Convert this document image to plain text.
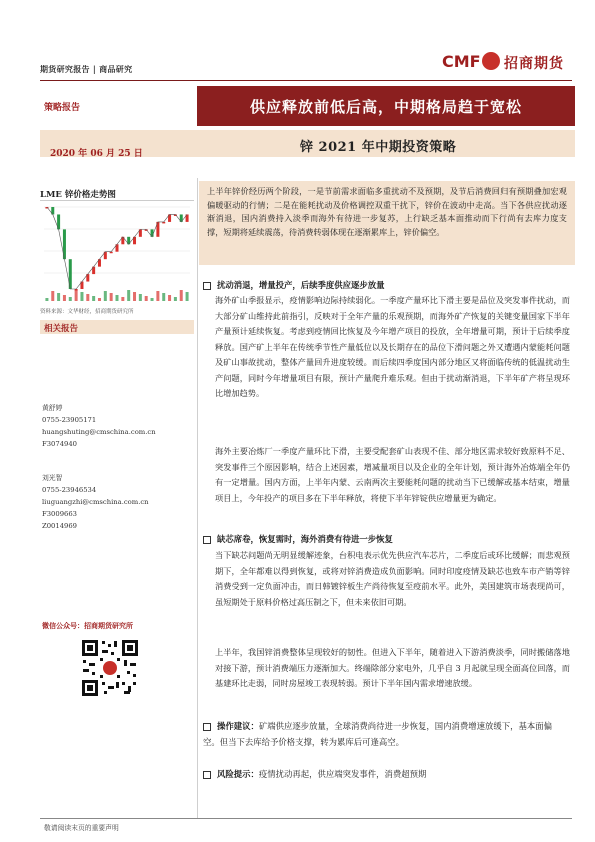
期货研究报告 | 商品研究	CMF 招商期货
策略报告	供应释放前低后高，中期格局趋于宽松
2020 年 06 月 25 日	锌 2021 年中期投资策略
LME 锌价格走势图
资料来源：文华财经，招商期货研究所
相关报告
黄舒婷
0755-23905171
huangshuting@cmschina.com.cn
F3074940
刘光智
0755-23946534
liuguangzhi@cmschina.com.cn
F3009663
Z0014969
微信公众号：招商期货研究所

上半年锌价经历两个阶段，一是节前需求面临多重扰动不及预期，及节后消费回归有预期叠加宏观偏暖驱动的行情；二是在能耗扰动及价格调控双重干扰下，锌价在波动中走高。当下各供应扰动逐渐消退，国内消费持入淡季而海外有待进一步复苏，上行缺乏基本面推动而下行尚有去库力度支撑，短期将延续震荡，待消费转弱体现在逐渐累库上，锌价偏空。

扰动消退，增量投产，后续季度供应逐步放量
海外矿山季报显示，疫情影响边际持续弱化。一季度产量环比下滑主要是品位及突发事件扰动，而大部分矿山维持此前指引，反映对于全年产量的乐观预期，而海外矿产恢复的关键变量国家下半年产量预计延续恢复。考虑到疫情回比恢复及今年增产项目的投放，全年增量可期，预计于后续季度释放。国产矿上半年在传统季节性产量低位以及长期存在的品位下滑问题之外又遭遇内蒙能耗问题及矿山事故扰动，整体产量回升进度较缓。而后续四季度国内部分地区又将面临传统的低温扰动生产问题，同时今年增量项目有限，预计产量爬升难乐观。但由于扰动渐消退，下半年矿产将呈现环比增加趋势。
海外主要冶炼厂一季度产量环比下滑，主要受配套矿山表现不佳、部分地区需求较好致原料不足、突发事件三个原因影响，结合上述因素，增减量项目以及企业的全年计划，预计海外冶炼端全年仍有一定增量。国内方面，上半年内蒙、云南两次主要能耗问题的扰动当下已缓解或基本结束，增量项目上，今年投产的项目多在下半年释放，将使下半年锌锭供应增量更为确定。
缺芯席卷，恢复需时，海外消费有待进一步恢复
当下缺芯问题尚无明显缓解迹象，台积电表示优先供应汽车芯片，二季度后或环比缓解；而悲观预期下，全年都难以得到恢复，或将对锌消费造成负面影响。同时印度疫情及缺芯也致车市产销等锌消费受到一定负面冲击，而日韩镀锌板生产尚待恢复至疫前水平。此外，美国建筑市场表现尚可，虽短期处于原料价格过高压制之下，但未来依旧可期。
上半年，我国锌消费整体呈现较好的韧性。但进入下半年，随着进入下游消费淡季，同时搬储落地对接下游，预计消费端压力逐渐加大。终端除部分家电外，几乎自 3 月起就呈现全面高位回落，而基建环比走弱，同时房屋竣工表现转弱。预计下半年国内需求增速放缓。
操作建议：矿端供应逐步放量，全球消费尚待进一步恢复，国内消费增速放缓下，基本面偏空。但当下去库给予价格支撑，转为累库后可逢高空。
风险提示：疫情扰动再起，供应端突发事件，消费超预期
敬请阅读末页的重要声明
